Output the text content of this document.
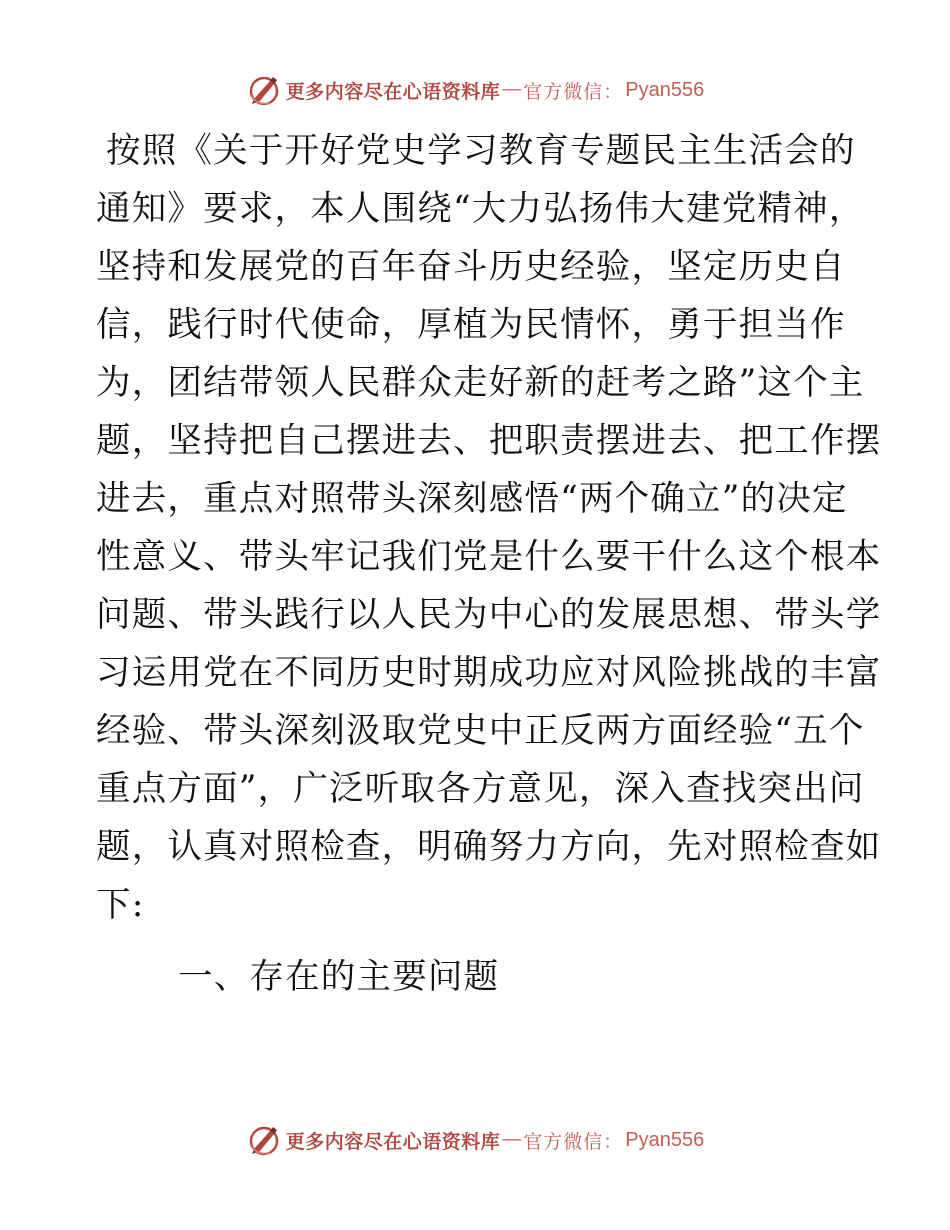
更多内容尽在心语资料库 — 官方微信： Pyan556
按照《关于开好党史学习教育专题民主生活会的
通知》要求，本人围绕“大力弘扬伟大建党精神，
坚持和发展党的百年奋斗历史经验，坚定历史自
信，践行时代使命，厚植为民情怀，勇于担当作
为，团结带领人民群众走好新的赶考之路”这个主
题，坚持把自己摆进去、把职责摆进去、把工作摆
进去，重点对照带头深刻感悟“两个确立”的决定
性意义、带头牢记我们党是什么要干什么这个根本
问题、带头践行以人民为中心的发展思想、带头学
习运用党在不同历史时期成功应对风险挑战的丰富
经验、带头深刻汲取党史中正反两方面经验“五个
重点方面”，广泛听取各方意见，深入查找突出问
题，认真对照检查，明确努力方向，先对照检查如
下:
一、存在的主要问题
更多内容尽在心语资料库 — 官方微信： Pyan556
